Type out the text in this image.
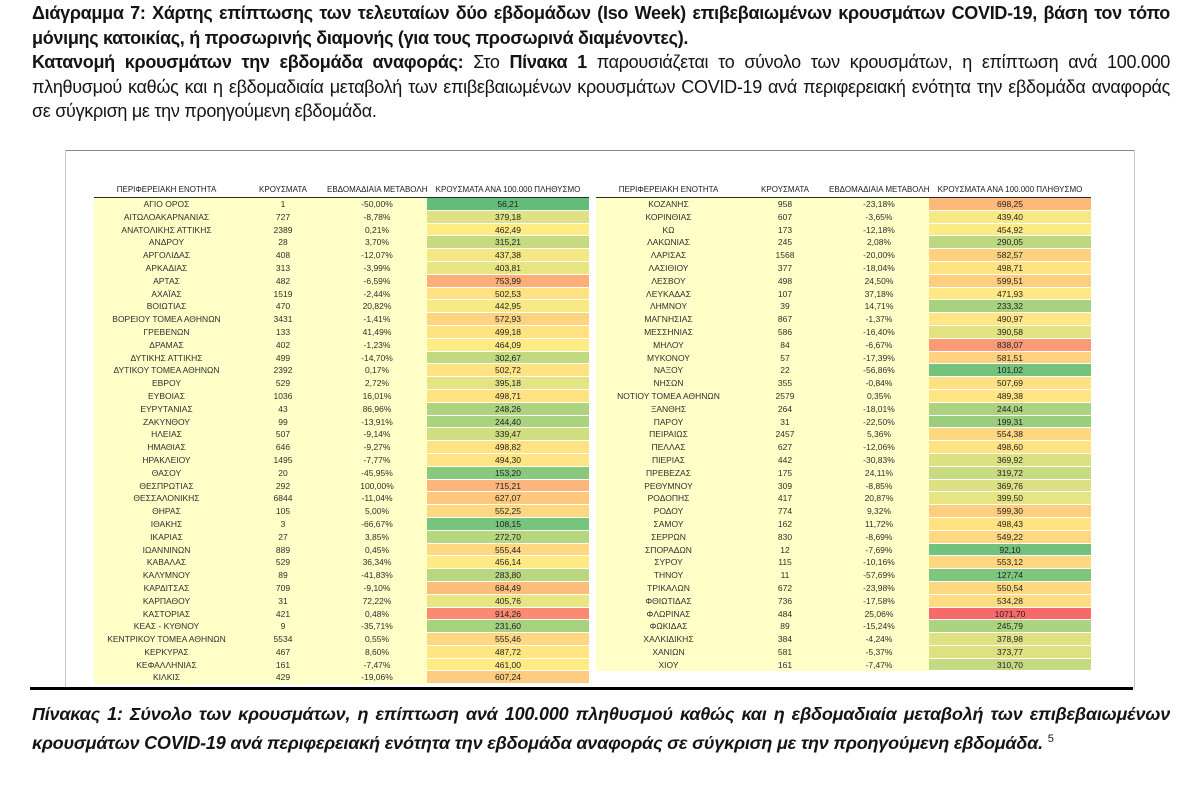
Διάγραμμα 7: Χάρτης επίπτωσης των τελευταίων δύο εβδομάδων (Iso Week) επιβεβαιωμένων κρουσμάτων COVID-19, βάση τον τόπο μόνιμης κατοικίας, ή προσωρινής διαμονής (για τους προσωρινά διαμένοντες).

Κατανομή κρουσμάτων την εβδομάδα αναφοράς: Στο Πίνακα 1 παρουσιάζεται το σύνολο των κρουσμάτων, η επίπτωση ανά 100.000 πληθυσμού καθώς και η εβδομαδιαία μεταβολή των επιβεβαιωμένων κρουσμάτων COVID-19 ανά περιφερειακή ενότητα την εβδομάδα αναφοράς σε σύγκριση με την προηγούμενη εβδομάδα.

ΠΕΡΙΦΕΡΕΙΑΚΗ ΕΝΟΤΗΤΑ	ΚΡΟΥΣΜΑΤΑ	ΕΒΔΟΜΑΔΙΑΙΑ ΜΕΤΑΒΟΛΗ	ΚΡΟΥΣΜΑΤΑ ΑΝΑ 100.000 ΠΛΗΘΥΣΜΟ
ΑΓΙΟ ΟΡΟΣ	1	-50,00%	56,21
ΑΙΤΩΛΟΑΚΑΡΝΑΝΙΑΣ	727	-8,78%	379,18
ΑΝΑΤΟΛΙΚΗΣ ΑΤΤΙΚΗΣ	2389	0,21%	462,49
ΑΝΔΡΟΥ	28	3,70%	315,21
ΑΡΓΟΛΙΔΑΣ	408	-12,07%	437,38
ΑΡΚΑΔΙΑΣ	313	-3,99%	403,81
ΑΡΤΑΣ	482	-6,59%	753,99
ΑΧΑΪΑΣ	1519	-2,44%	502,53
ΒΟΙΩΤΙΑΣ	470	20,82%	442,95
ΒΟΡΕΙΟΥ ΤΟΜΕΑ ΑΘΗΝΩΝ	3431	-1,41%	572,93
ΓΡΕΒΕΝΩΝ	133	41,49%	499,18
ΔΡΑΜΑΣ	402	-1,23%	464,09
ΔΥΤΙΚΗΣ ΑΤΤΙΚΗΣ	499	-14,70%	302,67
ΔΥΤΙΚΟΥ ΤΟΜΕΑ ΑΘΗΝΩΝ	2392	0,17%	502,72
ΕΒΡΟΥ	529	2,72%	395,18
ΕΥΒΟΙΑΣ	1036	16,01%	498,71
ΕΥΡΥΤΑΝΙΑΣ	43	86,96%	248,26
ΖΑΚΥΝΘΟΥ	99	-13,91%	244,40
ΗΛΕΙΑΣ	507	-9,14%	339,47
ΗΜΑΘΙΑΣ	646	-9,27%	498,82
ΗΡΑΚΛΕΙΟΥ	1495	-7,77%	494,30
ΘΑΣΟΥ	20	-45,95%	153,20
ΘΕΣΠΡΩΤΙΑΣ	292	100,00%	715,21
ΘΕΣΣΑΛΟΝΙΚΗΣ	6844	-11,04%	627,07
ΘΗΡΑΣ	105	5,00%	552,25
ΙΘΑΚΗΣ	3	-66,67%	108,15
ΙΚΑΡΙΑΣ	27	3,85%	272,70
ΙΩΑΝΝΙΝΩΝ	889	0,45%	555,44
ΚΑΒΑΛΑΣ	529	36,34%	456,14
ΚΑΛΥΜΝΟΥ	89	-41,83%	283,80
ΚΑΡΔΙΤΣΑΣ	709	-9,10%	684,49
ΚΑΡΠΑΘΟΥ	31	72,22%	405,76
ΚΑΣΤΟΡΙΑΣ	421	0,48%	914,26
ΚΕΑΣ - ΚΥΘΝΟΥ	9	-35,71%	231,60
ΚΕΝΤΡΙΚΟΥ ΤΟΜΕΑ ΑΘΗΝΩΝ	5534	0,55%	555,46
ΚΕΡΚΥΡΑΣ	467	8,60%	487,72
ΚΕΦΑΛΛΗΝΙΑΣ	161	-7,47%	461,00
ΚΙΛΚΙΣ	429	-19,06%	607,24
ΠΕΡΙΦΕΡΕΙΑΚΗ ΕΝΟΤΗΤΑ	ΚΡΟΥΣΜΑΤΑ	ΕΒΔΟΜΑΔΙΑΙΑ ΜΕΤΑΒΟΛΗ	ΚΡΟΥΣΜΑΤΑ ΑΝΑ 100.000 ΠΛΗΘΥΣΜΟ
ΚΟΖΑΝΗΣ	958	-23,18%	698,25
ΚΟΡΙΝΘΙΑΣ	607	-3,65%	439,40
ΚΩ	173	-12,18%	454,92
ΛΑΚΩΝΙΑΣ	245	2,08%	290,05
ΛΑΡΙΣΑΣ	1568	-20,00%	582,57
ΛΑΣΙΘΙΟΥ	377	-18,04%	498,71
ΛΕΣΒΟΥ	498	24,50%	599,51
ΛΕΥΚΑΔΑΣ	107	37,18%	471,93
ΛΗΜΝΟΥ	39	14,71%	233,32
ΜΑΓΝΗΣΙΑΣ	867	-1,37%	490,97
ΜΕΣΣΗΝΙΑΣ	586	-16,40%	390,58
ΜΗΛΟΥ	84	-6,67%	838,07
ΜΥΚΟΝΟΥ	57	-17,39%	581,51
ΝΑΞΟΥ	22	-56,86%	101,02
ΝΗΣΩΝ	355	-0,84%	507,69
ΝΟΤΙΟΥ ΤΟΜΕΑ ΑΘΗΝΩΝ	2579	0,35%	489,38
ΞΑΝΘΗΣ	264	-18,01%	244,04
ΠΑΡΟΥ	31	-22,50%	199,31
ΠΕΙΡΑΙΩΣ	2457	5,36%	554,38
ΠΕΛΛΑΣ	627	-12,06%	498,60
ΠΙΕΡΙΑΣ	442	-30,83%	369,92
ΠΡΕΒΕΖΑΣ	175	24,11%	319,72
ΡΕΘΥΜΝΟΥ	309	-8,85%	369,76
ΡΟΔΟΠΗΣ	417	20,87%	399,50
ΡΟΔΟΥ	774	9,32%	599,30
ΣΑΜΟΥ	162	11,72%	498,43
ΣΕΡΡΩΝ	830	-8,69%	549,22
ΣΠΟΡΑΔΩΝ	12	-7,69%	92,10
ΣΥΡΟΥ	115	-10,16%	553,12
ΤΗΝΟΥ	11	-57,69%	127,74
ΤΡΙΚΑΛΩΝ	672	-23,98%	550,54
ΦΘΙΩΤΙΔΑΣ	736	-17,58%	534,28
ΦΛΩΡΙΝΑΣ	484	25,06%	1071,70
ΦΩΚΙΔΑΣ	89	-15,24%	245,79
ΧΑΛΚΙΔΙΚΗΣ	384	-4,24%	378,98
ΧΑΝΙΩΝ	581	-5,37%	373,77
ΧΙΟΥ	161	-7,47%	310,70

Πίνακας 1: Σύνολο των κρουσμάτων, η επίπτωση ανά 100.000 πληθυσμού καθώς και η εβδομαδιαία μεταβολή των επιβεβαιωμένων κρουσμάτων COVID-19 ανά περιφερειακή ενότητα την εβδομάδα αναφοράς σε σύγκριση με την προηγούμενη εβδομάδα. $^5$
